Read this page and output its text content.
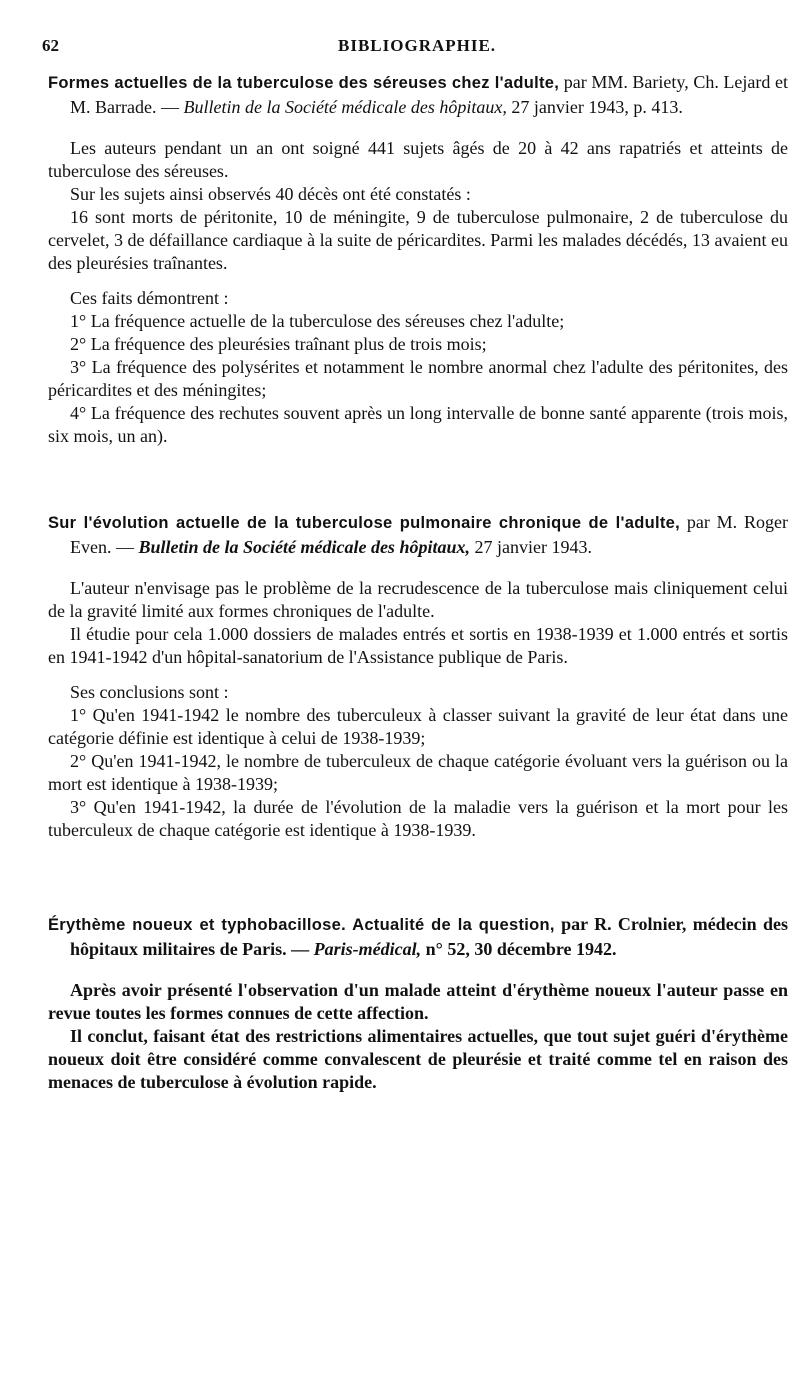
62	BIBLIOGRAPHIE.

Formes actuelles de la tuberculose des séreuses chez l'adulte, par MM. Bariety, Ch. Lejard et M. Barrade. — Bulletin de la Société médicale des hôpitaux, 27 janvier 1943, p. 413.

Les auteurs pendant un an ont soigné 441 sujets âgés de 20 à 42 ans rapatriés et atteints de tuberculose des séreuses.

Sur les sujets ainsi observés 40 décès ont été constatés :

16 sont morts de péritonite, 10 de méningite, 9 de tuberculose pulmonaire, 2 de tuberculose du cervelet, 3 de défaillance cardiaque à la suite de péricardites. Parmi les malades décédés, 13 avaient eu des pleurésies traînantes.

Ces faits démontrent :

1° La fréquence actuelle de la tuberculose des séreuses chez l'adulte;

2° La fréquence des pleurésies traînant plus de trois mois;

3° La fréquence des polysérites et notamment le nombre anormal chez l'adulte des péritonites, des péricardites et des méningites;

4° La fréquence des rechutes souvent après un long intervalle de bonne santé apparente (trois mois, six mois, un an).

Sur l'évolution actuelle de la tuberculose pulmonaire chronique de l'adulte, par M. Roger Even. — Bulletin de la Société médicale des hôpitaux, 27 janvier 1943.

L'auteur n'envisage pas le problème de la recrudescence de la tuberculose mais cliniquement celui de la gravité limité aux formes chroniques de l'adulte.

Il étudie pour cela 1.000 dossiers de malades entrés et sortis en 1938-1939 et 1.000 entrés et sortis en 1941-1942 d'un hôpital-sanatorium de l'Assistance publique de Paris.

Ses conclusions sont :

1° Qu'en 1941-1942 le nombre des tuberculeux à classer suivant la gravité de leur état dans une catégorie définie est identique à celui de 1938-1939;

2° Qu'en 1941-1942, le nombre de tuberculeux de chaque catégorie évoluant vers la guérison ou la mort est identique à 1938-1939;

3° Qu'en 1941-1942, la durée de l'évolution de la maladie vers la guérison et la mort pour les tuberculeux de chaque catégorie est identique à 1938-1939.

Érythème noueux et typhobacillose. Actualité de la question, par R. Crolnier, médecin des hôpitaux militaires de Paris. — Paris-médical, n° 52, 30 décembre 1942.

Après avoir présenté l'observation d'un malade atteint d'érythème noueux l'auteur passe en revue toutes les formes connues de cette affection.

Il conclut, faisant état des restrictions alimentaires actuelles, que tout sujet guéri d'érythème noueux doit être considéré comme convalescent de pleurésie et traité comme tel en raison des menaces de tuberculose à évolution rapide.
